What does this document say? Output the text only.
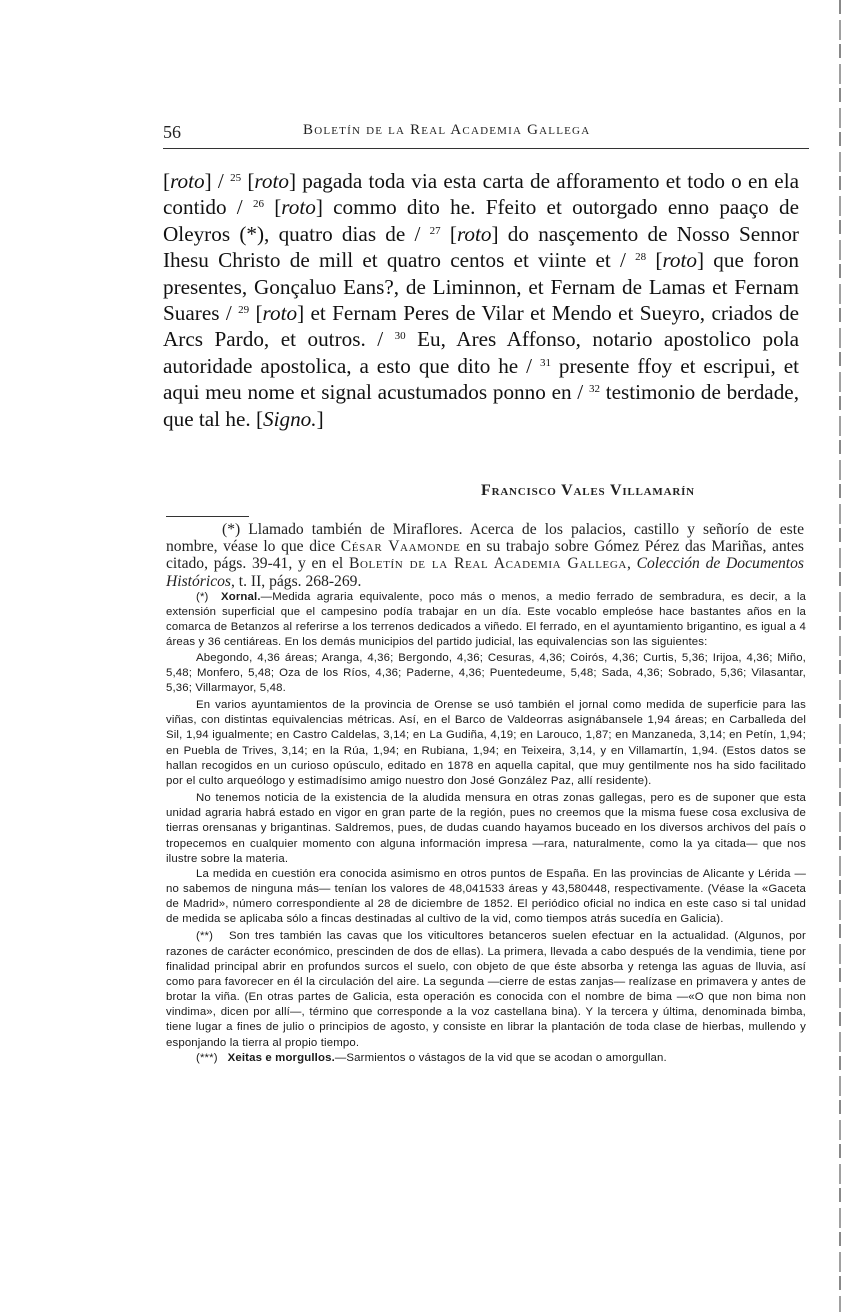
56	Boletín de la Real Academia Gallega
[roto] / $^{25}$ [roto] pagada toda via esta carta de afforamento et todo o en ela contido / $^{26}$ [roto] commo dito he. Ffeito et outorgado enno paaço de Oleyros (*), quatro dias de / $^{27}$ [roto] do nasçemento de Nosso Sennor Ihesu Christo de mill et quatro centos et viinte et / $^{28}$ [roto] que foron presentes, Gonçaluo Eans?, de Liminnon, et Fernam de Lamas et Fernam Suares / $^{29}$ [roto] et Fernam Peres de Vilar et Mendo et Sueyro, criados de Arcs Pardo, et outros. / $^{30}$ Eu, Ares Affonso, notario apostolico pola autoridade apostolica, a esto que dito he / $^{31}$ presente ffoy et escripui, et aqui meu nome et signal acustumados ponno en / $^{32}$ testimonio de berdade, que tal he. [Signo.]
Francisco Vales Villamarín
(*) Llamado también de Miraflores. Acerca de los palacios, castillo y señorío de este nombre, véase lo que dice César Vaamonde en su trabajo sobre Gómez Pérez das Mariñas, antes citado, págs. 39-41, y en el Boletín de la Real Academia Gallega, Colección de Documentos Históricos, t. II, págs. 268-269.

(*) Xornal.—Medida agraria equivalente, poco más o menos, a medio ferrado de sembradura, es decir, a la extensión superficial que el campesino podía trabajar en un día. Este vocablo empleóse hace bastantes años en la comarca de Betanzos al referirse a los terrenos dedicados a viñedo. El ferrado, en el ayuntamiento brigantino, es igual a 4 áreas y 36 centiáreas. En los demás municipios del partido judicial, las equivalencias son las siguientes:

Abegondo, 4,36 áreas; Aranga, 4,36; Bergondo, 4,36; Cesuras, 4,36; Coirós, 4,36; Curtis, 5,36; Irijoa, 4,36; Miño, 5,48; Monfero, 5,48; Oza de los Ríos, 4,36; Paderne, 4,36; Puentedeume, 5,48; Sada, 4,36; Sobrado, 5,36; Vilasantar, 5,36; Villarmayor, 5,48.

En varios ayuntamientos de la provincia de Orense se usó también el jornal como medida de superficie para las viñas, con distintas equivalencias métricas. Así, en el Barco de Valdeorras asignábansele 1,94 áreas; en Carballeda del Sil, 1,94 igualmente; en Castro Caldelas, 3,14; en La Gudiña, 4,19; en Larouco, 1,87; en Manzaneda, 3,14; en Petín, 1,94; en Puebla de Trives, 3,14; en la Rúa, 1,94; en Rubiana, 1,94; en Teixeira, 3,14, y en Villamartín, 1,94. (Estos datos se hallan recogidos en un curioso opúsculo, editado en 1878 en aquella capital, que muy gentilmente nos ha sido facilitado por el culto arqueólogo y estimadísimo amigo nuestro don José González Paz, allí residente).

No tenemos noticia de la existencia de la aludida mensura en otras zonas gallegas, pero es de suponer que esta unidad agraria habrá estado en vigor en gran parte de la región, pues no creemos que la misma fuese cosa exclusiva de tierras orensanas y brigantinas. Saldremos, pues, de dudas cuando hayamos buceado en los diversos archivos del país o tropecemos en cualquier momento con alguna información impresa —rara, naturalmente, como la ya citada— que nos ilustre sobre la materia.

La medida en cuestión era conocida asimismo en otros puntos de España. En las provincias de Alicante y Lérida —no sabemos de ninguna más— tenían los valores de 48,041533 áreas y 43,580448, respectivamente. (Véase la «Gaceta de Madrid», número correspondiente al 28 de diciembre de 1852. El periódico oficial no indica en este caso si tal unidad de medida se aplicaba sólo a fincas destinadas al cultivo de la vid, como tiempos atrás sucedía en Galicia).

(**) Son tres también las cavas que los viticultores betanceros suelen efectuar en la actualidad. (Algunos, por razones de carácter económico, prescinden de dos de ellas). La primera, llevada a cabo después de la vendimia, tiene por finalidad principal abrir en profundos surcos el suelo, con objeto de que éste absorba y retenga las aguas de lluvia, así como para favorecer en él la circulación del aire. La segunda —cierre de estas zanjas— realízase en primavera y antes de brotar la viña. (En otras partes de Galicia, esta operación es conocida con el nombre de bima —«O que non bima non vindima», dicen por allí—, término que corresponde a la voz castellana bina). Y la tercera y última, denominada bimba, tiene lugar a fines de julio o principios de agosto, y consiste en librar la plantación de toda clase de hierbas, mullendo y esponjando la tierra al propio tiempo.

(***) Xeitas e morgullos.—Sarmientos o vástagos de la vid que se acodan o amorgullan.
